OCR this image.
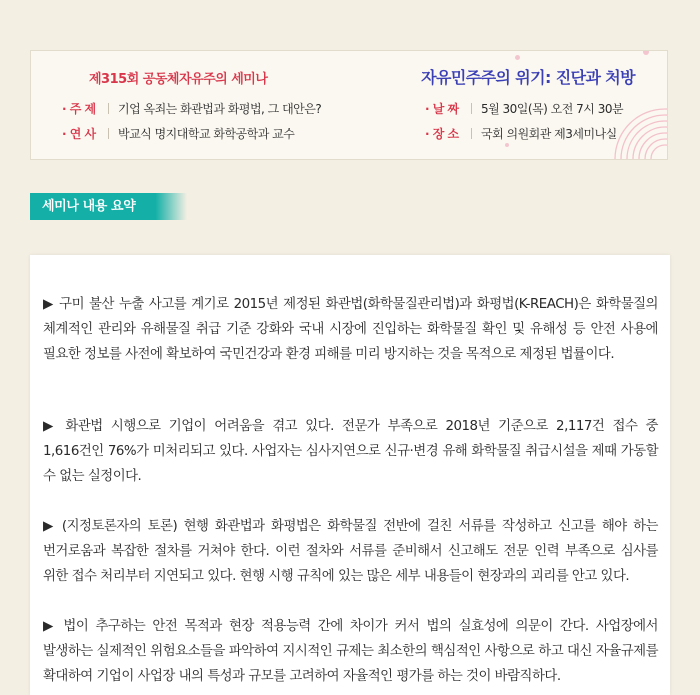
제315회 공동체자유주의 세미나	자유민주주의 위기: 진단과 처방
· 주 제	기업 옥죄는 화관법과 화평법, 그 대안은?
· 연 사	박교식 명지대학교 화학공학과 교수
· 날 짜	5월 30일(목) 오전 7시 30분
· 장 소	국회 의원회관 제3세미나실
세미나 내용 요약

▶ 구미 불산 누출 사고를 계기로 2015년 제정된 화관법(화학물질관리법)과 화평법(K-REACH)은 화학물질의 체계적인 관리와 유해물질 취급 기준 강화와 국내 시장에 진입하는 화학물질 확인 및 유해성 등 안전 사용에 필요한 정보를 사전에 확보하여 국민건강과 환경 피해를 미리 방지하는 것을 목적으로 제정된 법률이다.

▶ 화관법 시행으로 기업이 어려움을 겪고 있다. 전문가 부족으로 2018년 기준으로 2,117건 접수 중 1,616건인 76%가 미처리되고 있다. 사업자는 심사지연으로 신규·변경 유해 화학물질 취급시설을 제때 가동할 수 없는 실정이다.

▶ (지정토론자의 토론) 현행 화관법과 화평법은 화학물질 전반에 걸친 서류를 작성하고 신고를 해야 하는 번거로움과 복잡한 절차를 거쳐야 한다. 이런 절차와 서류를 준비해서 신고해도 전문 인력 부족으로 심사를 위한 접수 처리부터 지연되고 있다. 현행 시행 규칙에 있는 많은 세부 내용들이 현장과의 괴리를 안고 있다.

▶ 법이 추구하는 안전 목적과 현장 적용능력 간에 차이가 커서 법의 실효성에 의문이 간다. 사업장에서 발생하는 실제적인 위험요소들을 파악하여 지시적인 규제는 최소한의 핵심적인 사항으로 하고 대신 자율규제를 확대하여 기업이 사업장 내의 특성과 규모를 고려하여 자율적인 평가를 하는 것이 바람직하다.
